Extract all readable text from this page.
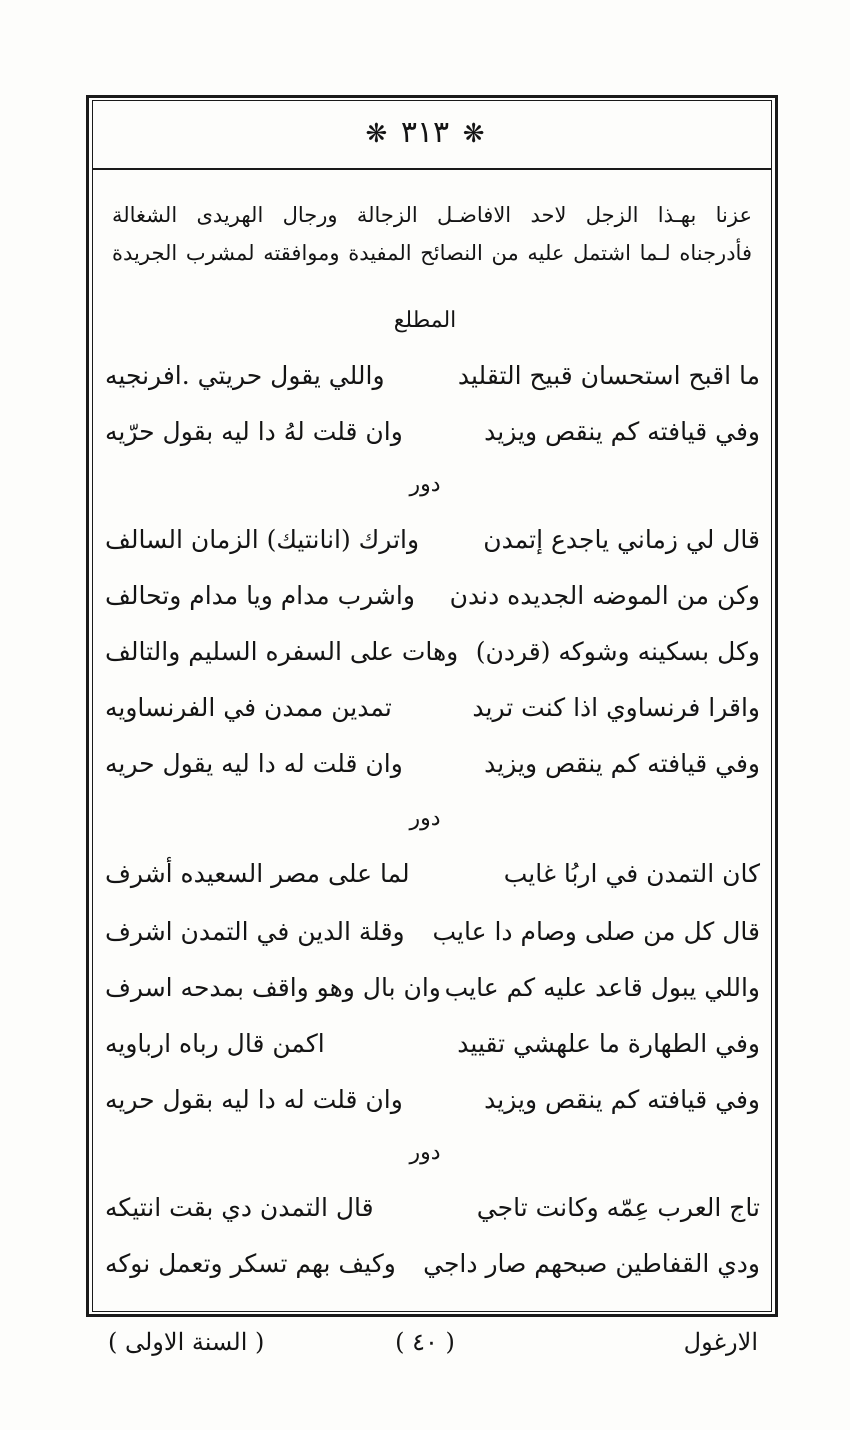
❋ ٣١٣ ❋
عزنا بهـذا الزجل لاحد الافاضـل الزجالة ورجال الهريدى الشغالة
فأدرجناه لـما اشتمل عليه من النصائح المفيدة وموافقته لمشرب الجريدة
المطلع
ما اقبح استحسان قبيح التقليد
واللي يقول حريتي .افرنجيه
وفي قيافته كم ينقص ويزيد
وان قلت لهُ دا ليه بقول حرّيه
دور
قال لي زماني ياجدع إتمدن
واترك (انانتيك) الزمان السالف
وكن من الموضه الجديده دندن
واشرب مدام ويا مدام وتحالف
وكل بسكينه وشوكه (قردن)
وهات على السفره السليم والتالف
واقرا فرنساوي اذا كنت تريد
تمدين ممدن في الفرنساويه
وفي قيافته كم ينقص ويزيد
وان قلت له دا ليه يقول حريه
دور
كان التمدن في اربُا غايب
لما على مصر السعيده أشرف
قال كل من صلى وصام دا عايب
وقلة الدين في التمدن اشرف
واللي يبول قاعد عليه كم عايب
وان بال وهو واقف بمدحه اسرف
وفي الطهارة ما علهشي تقييد
اكمن قال رباه ارباويه
وفي قيافته كم ينقص ويزيد
وان قلت له دا ليه بقول حريه
دور
تاج العرب عِمّه وكانت تاجي
قال التمدن دي بقت انتيكه
ودي القفاطين صبحهم صار داجي
وكيف بهم تسكر وتعمل نوكه
الارغول
( ٤٠ )
( السنة الاولى )
